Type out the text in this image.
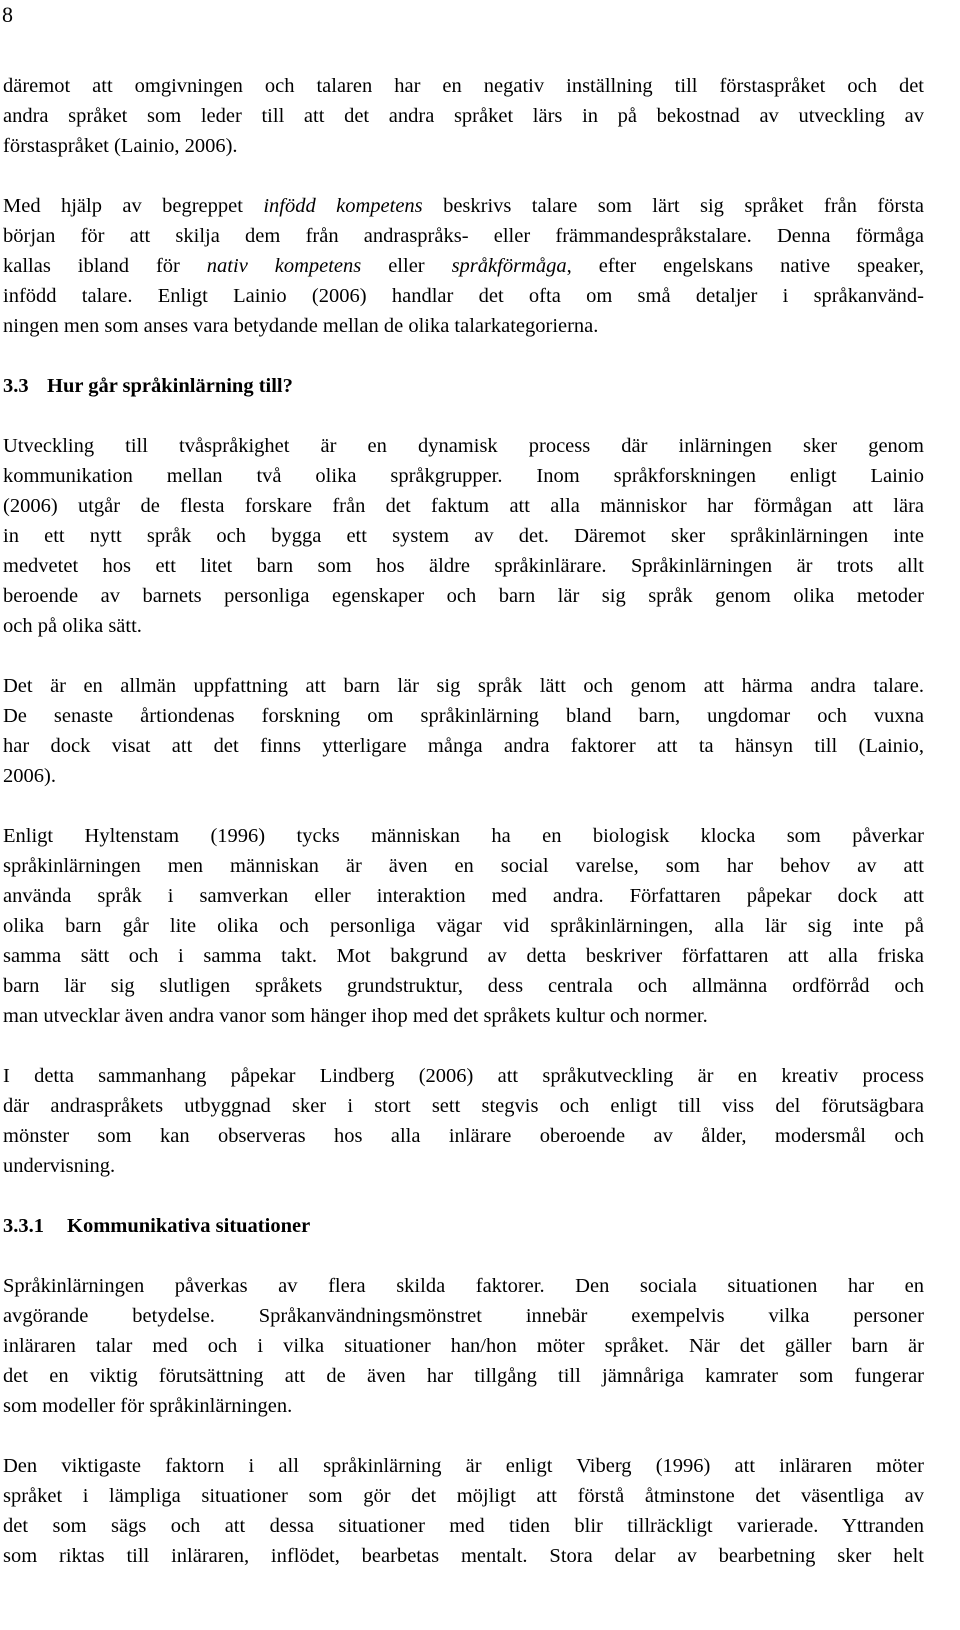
8
däremot att omgivningen och talaren har en negativ inställning till förstaspråket och det
andra språket som leder till att det andra språket lärs in på bekostnad av utveckling av
förstaspråket (Lainio, 2006).
Med hjälp av begreppet infödd kompetens beskrivs talare som lärt sig språket från första
början för att skilja dem från andraspråks- eller främmandespråkstalare. Denna förmåga
kallas ibland för nativ kompetens eller språkförmåga, efter engelskans native speaker,
infödd talare. Enligt Lainio (2006) handlar det ofta om små detaljer i språkanvänd-
ningen men som anses vara betydande mellan de olika talarkategorierna.
3.3 Hur går språkinlärning till?
Utveckling till tvåspråkighet är en dynamisk process där inlärningen sker genom
kommunikation mellan två olika språkgrupper. Inom språkforskningen enligt Lainio
(2006) utgår de flesta forskare från det faktum att alla människor har förmågan att lära
in ett nytt språk och bygga ett system av det. Däremot sker språkinlärningen inte
medvetet hos ett litet barn som hos äldre språkinlärare. Språkinlärningen är trots allt
beroende av barnets personliga egenskaper och barn lär sig språk genom olika metoder
och på olika sätt.
Det är en allmän uppfattning att barn lär sig språk lätt och genom att härma andra talare.
De senaste årtiondenas forskning om språkinlärning bland barn, ungdomar och vuxna
har dock visat att det finns ytterligare många andra faktorer att ta hänsyn till (Lainio,
2006).
Enligt Hyltenstam (1996) tycks människan ha en biologisk klocka som påverkar
språkinlärningen men människan är även en social varelse, som har behov av att
använda språk i samverkan eller interaktion med andra. Författaren påpekar dock att
olika barn går lite olika och personliga vägar vid språkinlärningen, alla lär sig inte på
samma sätt och i samma takt. Mot bakgrund av detta beskriver författaren att alla friska
barn lär sig slutligen språkets grundstruktur, dess centrala och allmänna ordförråd och
man utvecklar även andra vanor som hänger ihop med det språkets kultur och normer.
I detta sammanhang påpekar Lindberg (2006) att språkutveckling är en kreativ process
där andraspråkets utbyggnad sker i stort sett stegvis och enligt till viss del förutsägbara
mönster som kan observeras hos alla inlärare oberoende av ålder, modersmål och
undervisning.
3.3.1 Kommunikativa situationer
Språkinlärningen påverkas av flera skilda faktorer. Den sociala situationen har en
avgörande betydelse. Språkanvändningsmönstret innebär exempelvis vilka personer
inläraren talar med och i vilka situationer han/hon möter språket. När det gäller barn är
det en viktig förutsättning att de även har tillgång till jämnåriga kamrater som fungerar
som modeller för språkinlärningen.
Den viktigaste faktorn i all språkinlärning är enligt Viberg (1996) att inläraren möter
språket i lämpliga situationer som gör det möjligt att förstå åtminstone det väsentliga av
det som sägs och att dessa situationer med tiden blir tillräckligt varierade. Yttranden
som riktas till inläraren, inflödet, bearbetas mentalt. Stora delar av bearbetning sker helt
